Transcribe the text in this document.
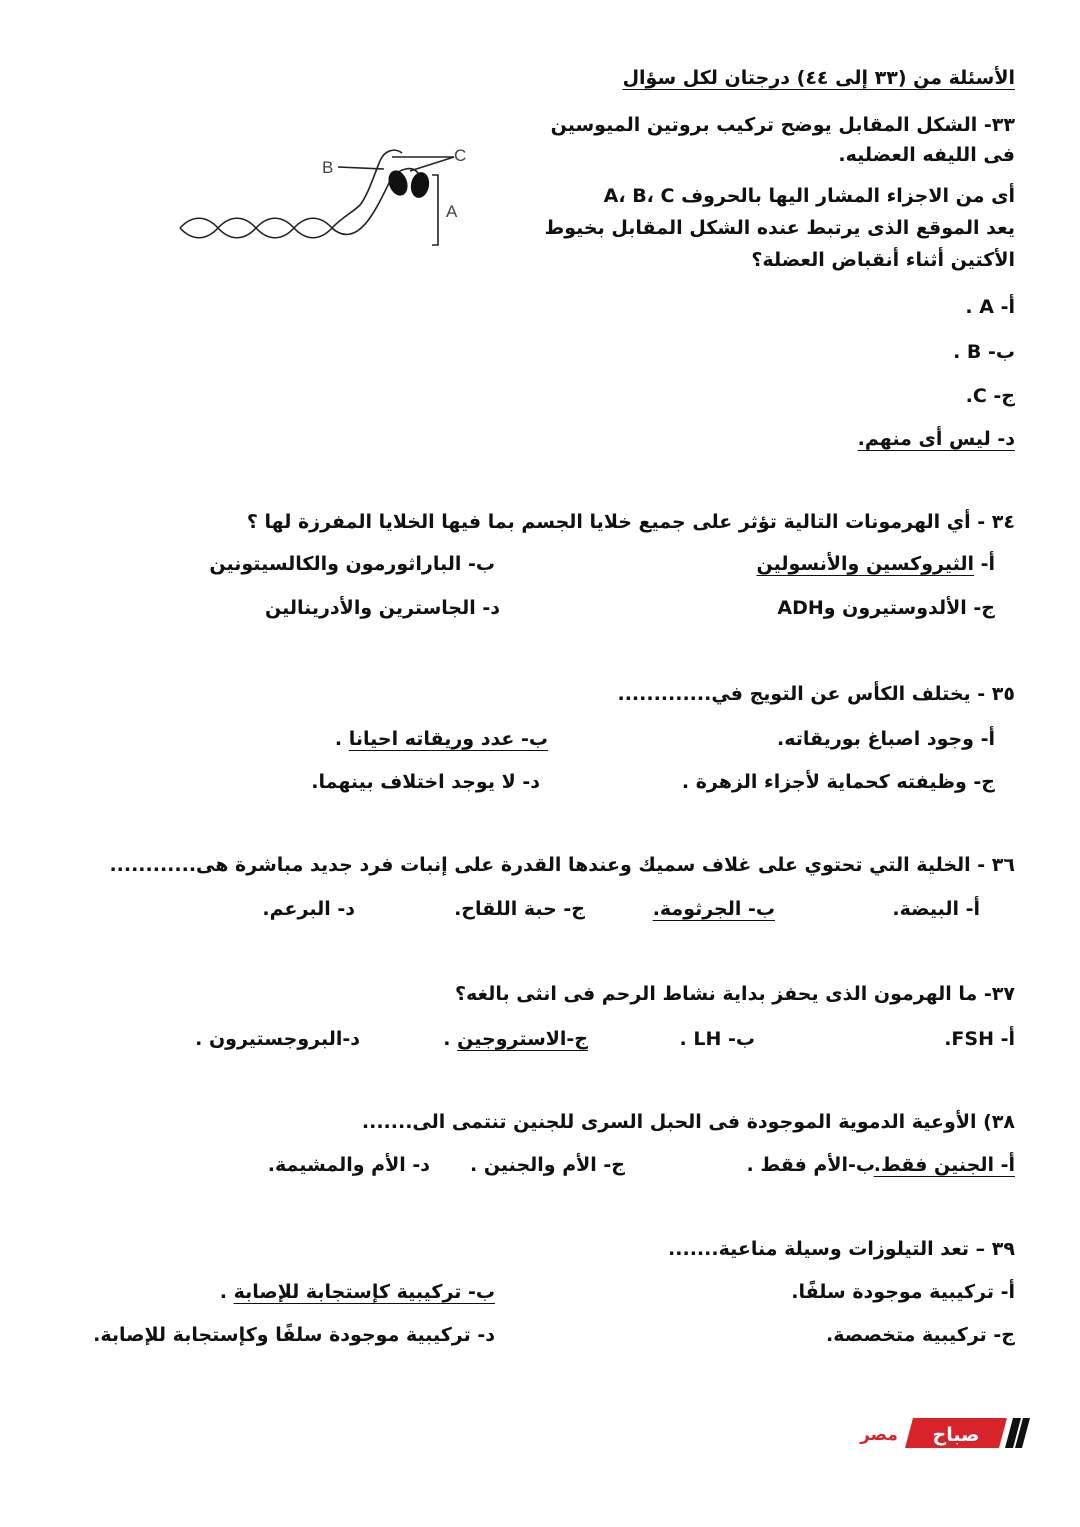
الأسئلة من (٣٣ إلى ٤٤) درجتان لكل سؤال
٣٣- الشكل المقابل يوضح تركيب بروتين الميوسين
فى الليفه العضليه.
أى من الاجزاء المشار اليها بالحروف A، B، C
يعد الموقع الذى يرتبط عنده الشكل المقابل بخيوط
الأكتين أثناء أنقباض العضلة؟
أ- A .
ب- B .
ج- C.
د- ليس أى منهم.
B
C
A
٣٤ - أي الهرمونات التالية تؤثر على جميع خلايا الجسم بما فيها الخلايا المفرزة لها ؟
أ- الثيروكسين والأنسولين
ب- الباراثورمون والكالسيتونين
ج- الألدوستيرون وADH
د- الجاسترين والأدرينالين
٣٥ - يختلف الكأس عن التويج في.............
أ- وجود اصباغ بوريقاته.
ب- عدد وريقاته احيانا .
ج- وظيفته كحماية لأجزاء الزهرة .
د- لا يوجد اختلاف بينهما.
٣٦ - الخلية التي تحتوي على غلاف سميك وعندها القدرة على إنبات فرد جديد مباشرة هى............
أ- البيضة.
ب- الجرثومة.
ج- حبة اللقاح.
د- البرعم.
٣٧- ما الهرمون الذى يحفز بداية نشاط الرحم فى انثى بالغه؟
أ- FSH.
ب- LH .
ج-الاستروجين .
د-البروجستيرون .
٣٨) الأوعية الدموية الموجودة فى الحبل السرى للجنين تنتمى الى.......
أ- الجنين فقط.
ب-الأم فقط .
ج- الأم والجنين .
د- الأم والمشيمة.
٣٩ – تعد التيلوزات وسيلة مناعية.......
أ- تركيبية موجودة سلفًا.
ب- تركيبية كإستجابة للإصابة .
ج- تركيبية متخصصة.
د- تركيبية موجودة سلفًا وكإستجابة للإصابة.
صباح
مصر
